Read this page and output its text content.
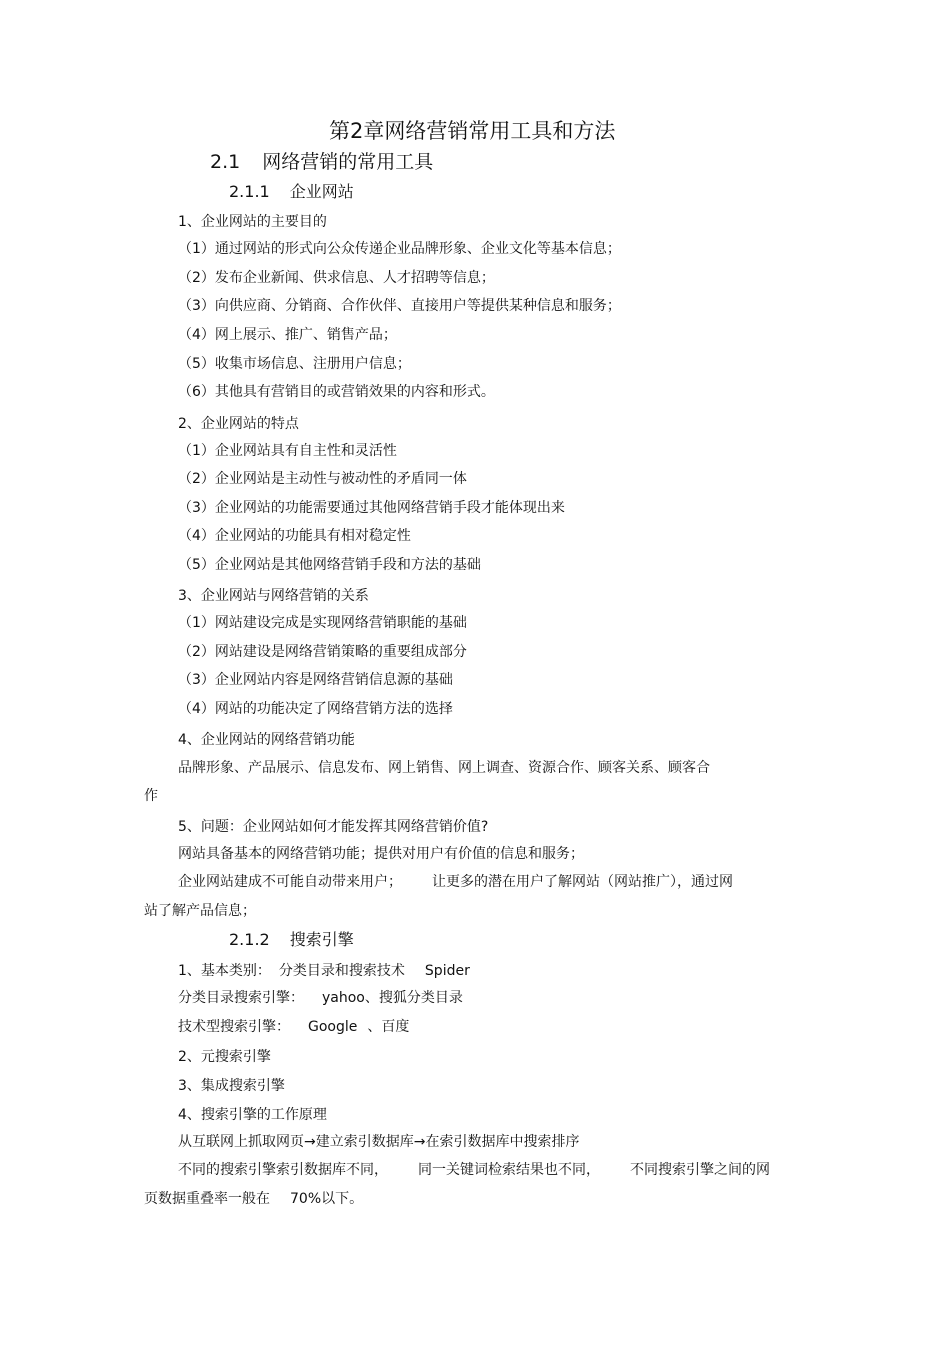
第2章网络营销常用工具和方法
2.1 网络营销的常用工具
2.1.1 企业网站
1、企业网站的主要目的
（1）通过网站的形式向公众传递企业品牌形象、企业文化等基本信息；
（2）发布企业新闻、供求信息、人才招聘等信息；
（3）向供应商、分销商、合作伙伴、直接用户等提供某种信息和服务；
（4）网上展示、推广、销售产品；
（5）收集市场信息、注册用户信息；
（6）其他具有营销目的或营销效果的内容和形式。
2、企业网站的特点
（1）企业网站具有自主性和灵活性
（2）企业网站是主动性与被动性的矛盾同一体
（3）企业网站的功能需要通过其他网络营销手段才能体现出来
（4）企业网站的功能具有相对稳定性
（5）企业网站是其他网络营销手段和方法的基础
3、企业网站与网络营销的关系
（1）网站建设完成是实现网络营销职能的基础
（2）网站建设是网络营销策略的重要组成部分
（3）企业网站内容是网络营销信息源的基础
（4）网站的功能决定了网络营销方法的选择
4、企业网站的网络营销功能
品牌形象、产品展示、信息发布、网上销售、网上调查、资源合作、顾客关系、顾客合
作
5、问题：企业网站如何才能发挥其网络营销价值?
网站具备基本的网络营销功能；提供对用户有价值的信息和服务；
企业网站建成不可能自动带来用户； 让更多的潜在用户了解网站（网站推广），通过网
站了解产品信息；
2.1.2 搜索引擎
1、基本类别： 分类目录和搜索技术 Spider
分类目录搜索引擎： yahoo、搜狐分类目录
技术型搜索引擎： Google 、百度
2、元搜索引擎
3、集成搜索引擎
4、搜索引擎的工作原理
从互联网上抓取网页→建立索引数据库→在索引数据库中搜索排序
不同的搜索引擎索引数据库不同， 同一关键词检索结果也不同， 不同搜索引擎之间的网
页数据重叠率一般在 70%以下。
